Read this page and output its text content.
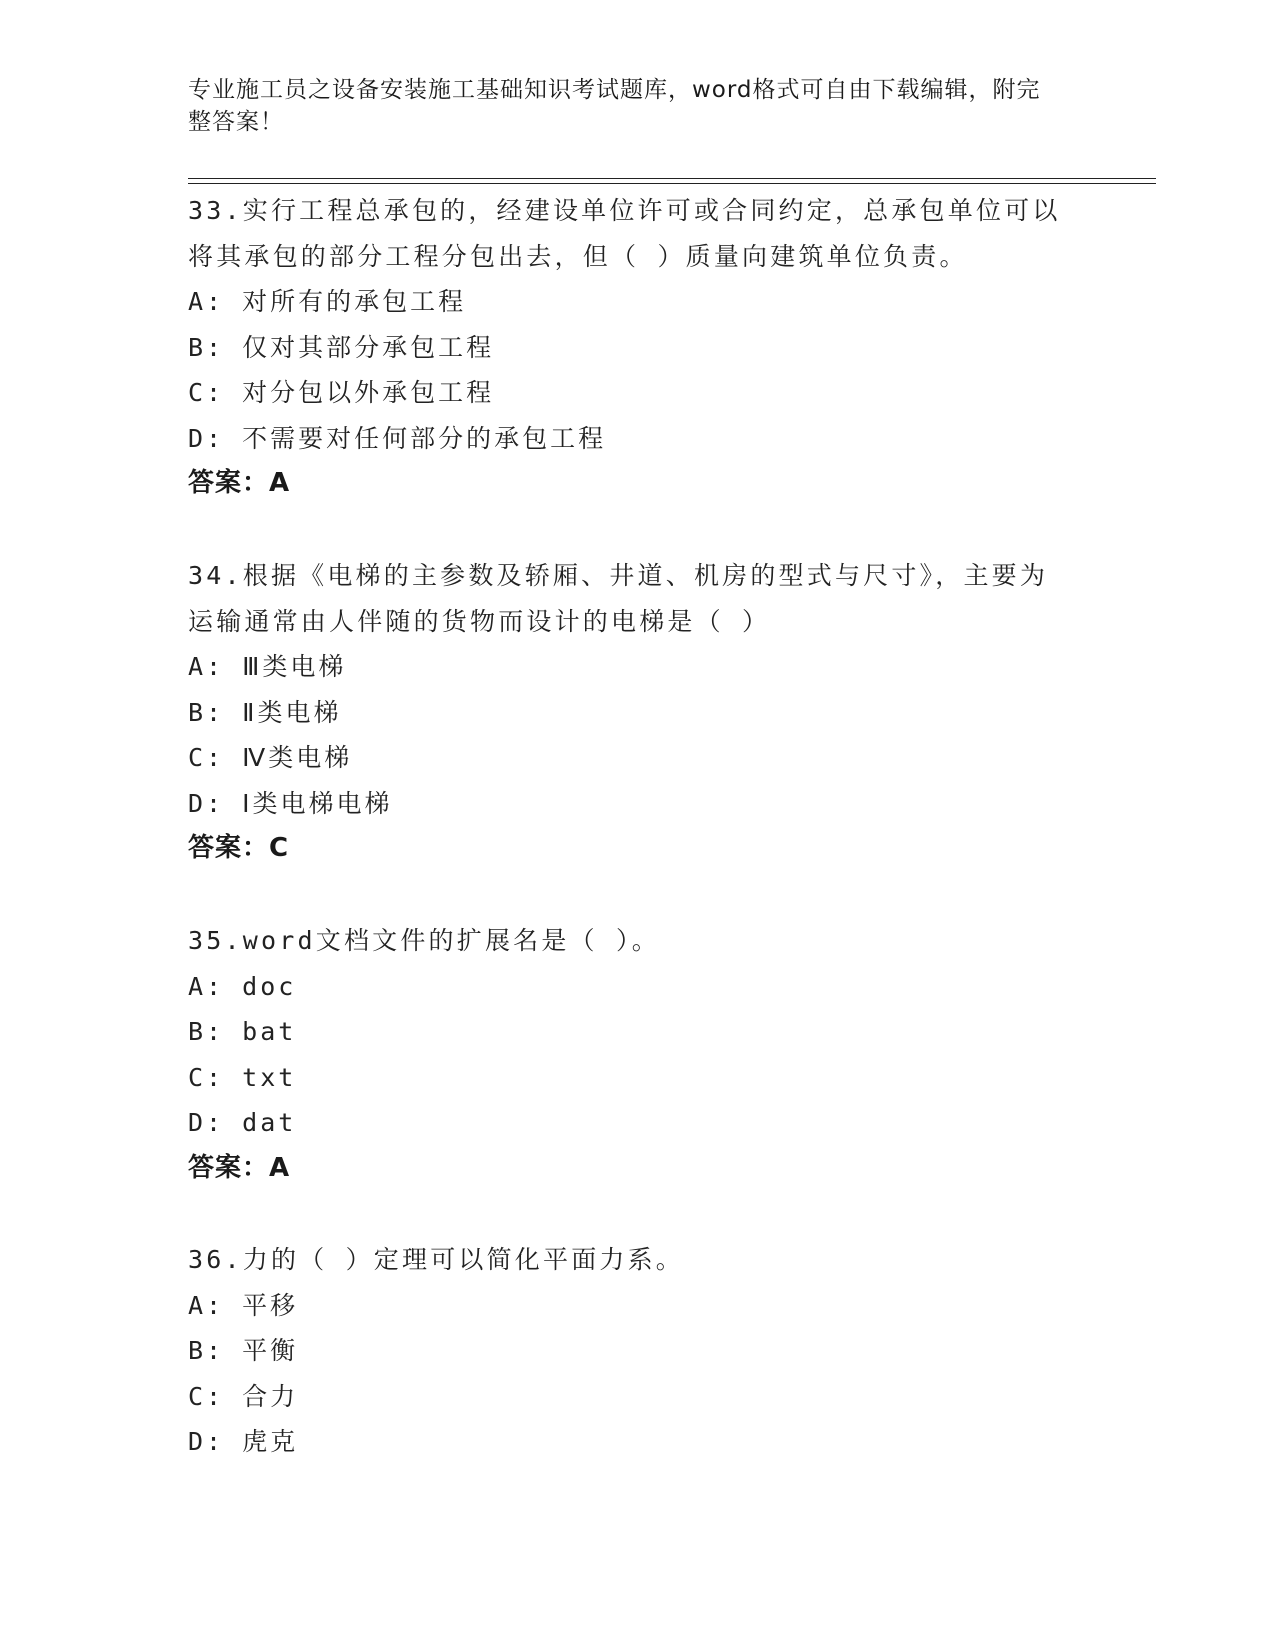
专业施工员之设备安装施工基础知识考试题库，word格式可自由下载编辑，附完
整答案！
33.实行工程总承包的，经建设单位许可或合同约定，总承包单位可以
将其承包的部分工程分包出去，但（ ）质量向建筑单位负责。
A: 对所有的承包工程
B: 仅对其部分承包工程
C: 对分包以外承包工程
D: 不需要对任何部分的承包工程
答案：A
34.根据《电梯的主参数及轿厢、井道、机房的型式与尺寸》，主要为
运输通常由人伴随的货物而设计的电梯是（ ）
A: Ⅲ类电梯
B: Ⅱ类电梯
C: Ⅳ类电梯
D: Ⅰ类电梯电梯
答案：C
35.word文档文件的扩展名是（ ）。
A: doc
B: bat
C: txt
D: dat
答案：A
36.力的（ ）定理可以简化平面力系。
A: 平移
B: 平衡
C: 合力
D: 虎克
